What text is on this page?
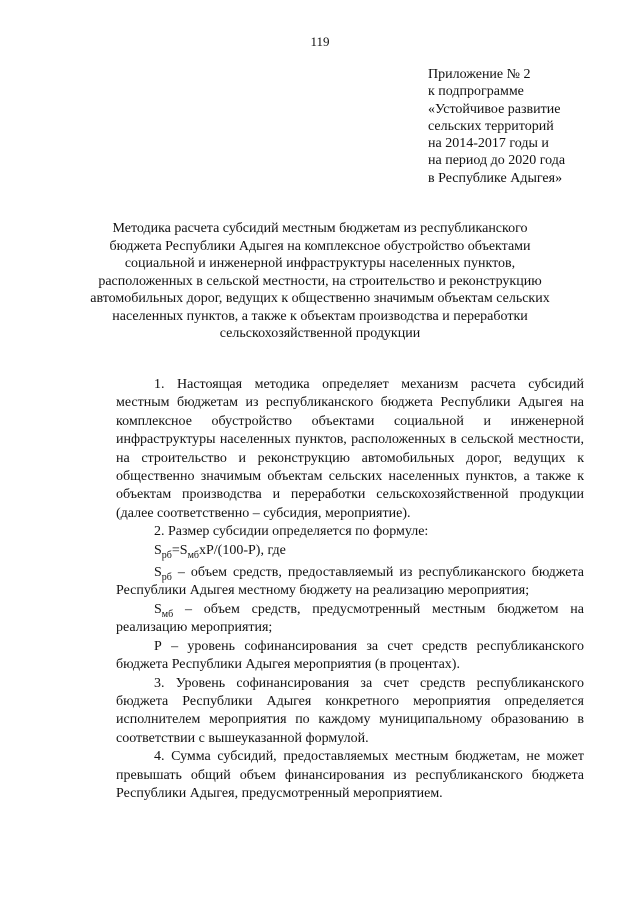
119
Приложение № 2
к подпрограмме
«Устойчивое развитие
сельских территорий
на 2014-2017 годы и
на период до 2020 года
в Республике Адыгея»
Методика расчета субсидий местным бюджетам из республиканского
бюджета Республики Адыгея на комплексное обустройство объектами
социальной и инженерной инфраструктуры населенных пунктов,
расположенных в сельской местности, на строительство и реконструкцию
автомобильных дорог, ведущих к общественно значимым объектам сельских
населенных пунктов, а также к объектам производства и переработки
сельскохозяйственной продукции

1. Настоящая методика определяет механизм расчета субсидий местным бюджетам из республиканского бюджета Республики Адыгея на комплексное обустройство объектами социальной и инженерной инфраструктуры населенных пунктов, расположенных в сельской местности, на строительство и реконструкцию автомобильных дорог, ведущих к общественно значимым объектам сельских населенных пунктов, а также к объектам производства и переработки сельскохозяйственной продукции (далее соответственно – субсидия, мероприятие).

2. Размер субсидии определяется по формуле:

$S_{рб}=S_{мб}хР/(100-Р)$, где

$S_{рб}$ – объем средств, предоставляемый из республиканского бюджета Республики Адыгея местному бюджету на реализацию мероприятия;

$S_{мб}$ – объем средств, предусмотренный местным бюджетом на реализацию мероприятия;

Р – уровень софинансирования за счет средств республиканского бюджета Республики Адыгея мероприятия (в процентах).

3. Уровень софинансирования за счет средств республиканского бюджета Республики Адыгея конкретного мероприятия определяется исполнителем мероприятия по каждому муниципальному образованию в соответствии с вышеуказанной формулой.

4. Сумма субсидий, предоставляемых местным бюджетам, не может превышать общий объем финансирования из республиканского бюджета Республики Адыгея, предусмотренный мероприятием.
